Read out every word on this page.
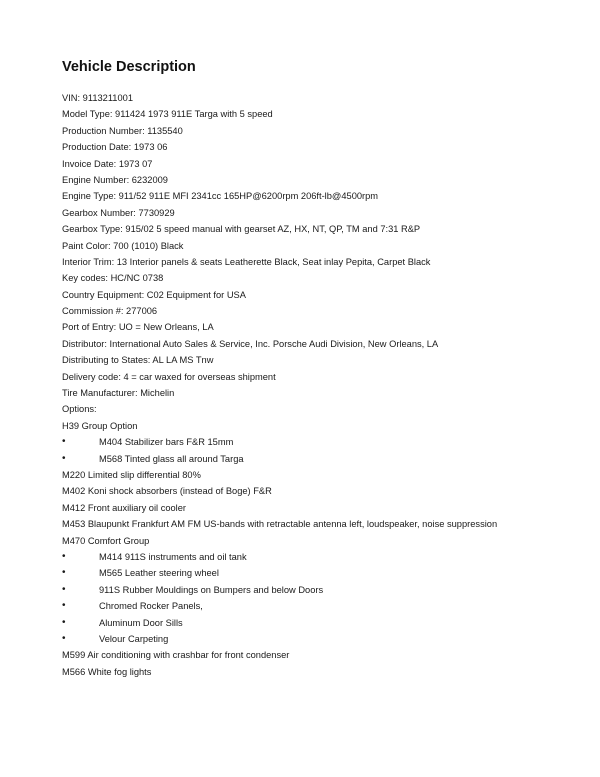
Vehicle Description
VIN: 9113211001
Model Type: 911424 1973 911E Targa with 5 speed
Production Number: 1135540
Production Date: 1973 06
Invoice Date: 1973 07
Engine Number: 6232009
Engine Type: 911/52 911E MFI 2341cc 165HP@6200rpm 206ft-lb@4500rpm
Gearbox Number: 7730929
Gearbox Type: 915/02 5 speed manual with gearset AZ, HX, NT, QP, TM and 7:31 R&P
Paint Color: 700 (1010) Black
Interior Trim: 13 Interior panels & seats Leatherette Black, Seat inlay Pepita, Carpet Black
Key codes: HC/NC 0738
Country Equipment: C02 Equipment for USA
Commission #: 277006
Port of Entry: UO = New Orleans, LA
Distributor: International Auto Sales & Service, Inc. Porsche Audi Division, New Orleans, LA
Distributing to States: AL LA MS Tnw
Delivery code: 4 = car waxed for overseas shipment
Tire Manufacturer: Michelin
Options:
H39 Group Option
•	M404 Stabilizer bars F&R 15mm
•	M568 Tinted glass all around Targa
M220 Limited slip differential 80%
M402 Koni shock absorbers (instead of Boge) F&R
M412 Front auxiliary oil cooler
M453 Blaupunkt Frankfurt AM FM US-bands with retractable antenna left, loudspeaker, noise suppression
M470 Comfort Group
•	M414 911S instruments and oil tank
•	M565 Leather steering wheel
•	911S Rubber Mouldings on Bumpers and below Doors
•	Chromed Rocker Panels,
•	Aluminum Door Sills
•	Velour Carpeting
M599 Air conditioning with crashbar for front condenser
M566 White fog lights
